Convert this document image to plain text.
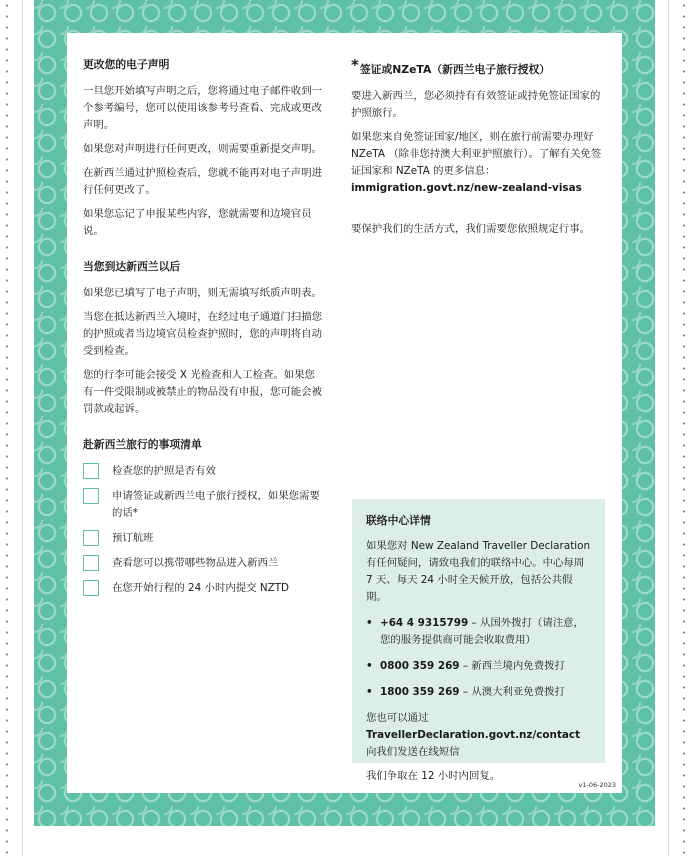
更改您的电子声明

一旦您开始填写声明之后，您将通过电子邮件收到一个参考编号，您可以使用该参考号查看、完成或更改声明。

如果您对声明进行任何更改，则需要重新提交声明。

在新西兰通过护照检查后，您就不能再对电子声明进行任何更改了。

如果您忘记了申报某些内容，您就需要和边境官员说。

当您到达新西兰以后

如果您已填写了电子声明，则无需填写纸质声明表。

当您在抵达新西兰入境时，在经过电子通道门扫描您的护照或者当边境官员检查护照时，您的声明将自动受到检查。

您的行李可能会接受 X 光检查和人工检查。如果您有一件受限制或被禁止的物品没有申报，您可能会被罚款或起诉。

赴新西兰旅行的事项清单
检查您的护照是否有效
申请签证或新西兰电子旅行授权，如果您需要的话*
预订航班
查看您可以携带哪些物品进入新西兰
在您开始行程的 24 小时内提交 NZTD
*签证或NZeTA（新西兰电子旅行授权）

要进入新西兰，您必须持有有效签证或持免签证国家的护照旅行。

如果您来自免签证国家/地区，则在旅行前需要办理好 NZeTA （除非您持澳大利亚护照旅行）。了解有关免签证国家和 NZeTA 的更多信息：
immigration.govt.nz/new-zealand-visas

要保护我们的生活方式，我们需要您依照规定行事。

联络中心详情

如果您对 New Zealand Traveller Declaration 有任何疑问，请致电我们的联络中心。中心每周 7 天、每天 24 小时全天候开放，包括公共假期。

• +64 4 9315799 – 从国外拨打（请注意，您的服务提供商可能会收取费用）
• 0800 359 269 – 新西兰境内免费拨打
• 1800 359 269 – 从澳大利亚免费拨打

您也可以通过 TravellerDeclaration.govt.nz/contact 向我们发送在线短信

我们争取在 12 小时内回复。

v1-06-2023
